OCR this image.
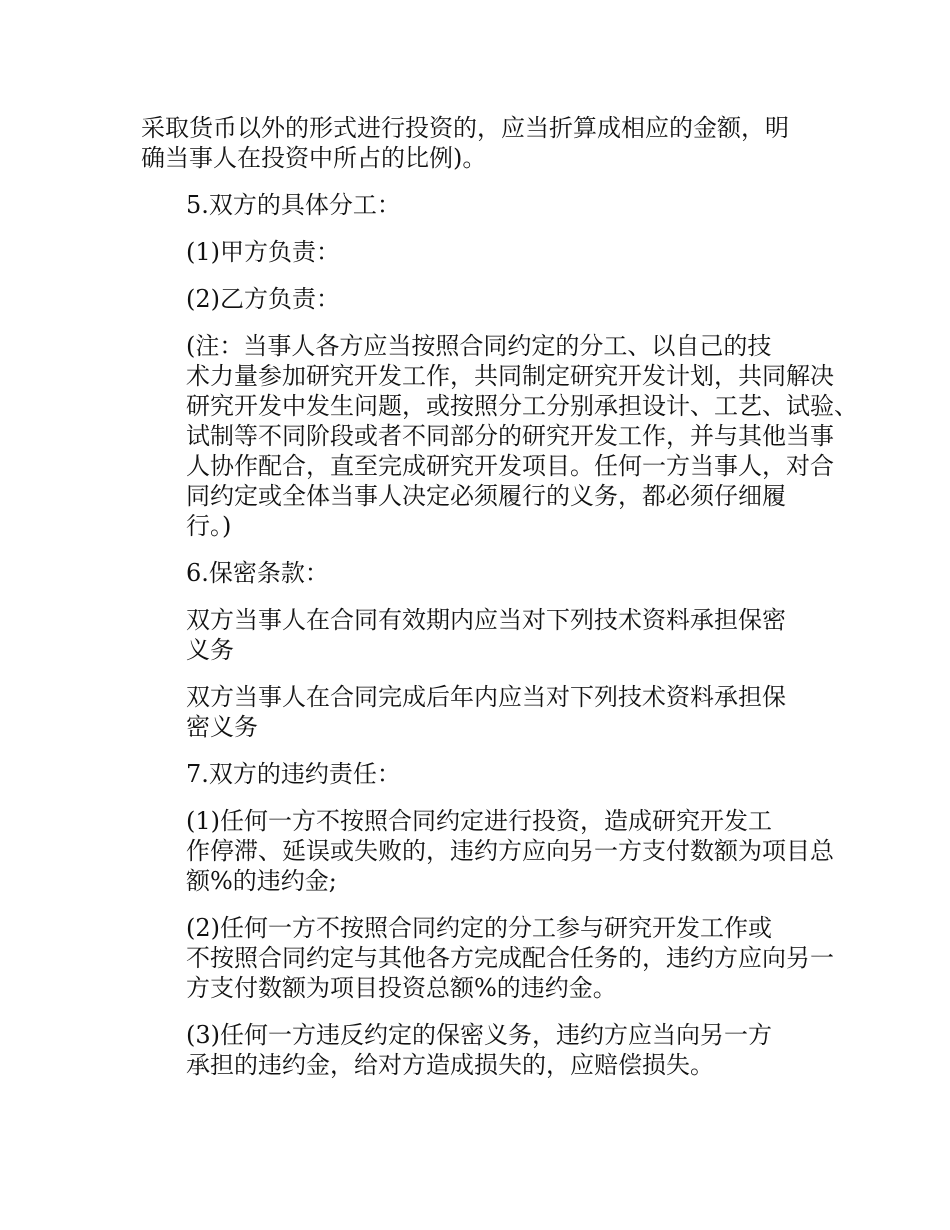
采取货币以外的形式进行投资的，应当折算成相应的金额，明
确当事人在投资中所占的比例)。

5.双方的具体分工：

(1)甲方负责：

(2)乙方负责：

(注：当事人各方应当按照合同约定的分工、以自己的技
术力量参加研究开发工作，共同制定研究开发计划，共同解决
研究开发中发生问题，或按照分工分别承担设计、工艺、试验、
试制等不同阶段或者不同部分的研究开发工作，并与其他当事
人协作配合，直至完成研究开发项目。任何一方当事人，对合
同约定或全体当事人决定必须履行的义务，都必须仔细履
行。)

6.保密条款：

双方当事人在合同有效期内应当对下列技术资料承担保密
义务

双方当事人在合同完成后年内应当对下列技术资料承担保
密义务

7.双方的违约责任：

(1)任何一方不按照合同约定进行投资，造成研究开发工
作停滞、延误或失败的，违约方应向另一方支付数额为项目总
额%的违约金;

(2)任何一方不按照合同约定的分工参与研究开发工作或
不按照合同约定与其他各方完成配合任务的，违约方应向另一
方支付数额为项目投资总额%的违约金。

(3)任何一方违反约定的保密义务，违约方应当向另一方
承担的违约金，给对方造成损失的，应赔偿损失。
